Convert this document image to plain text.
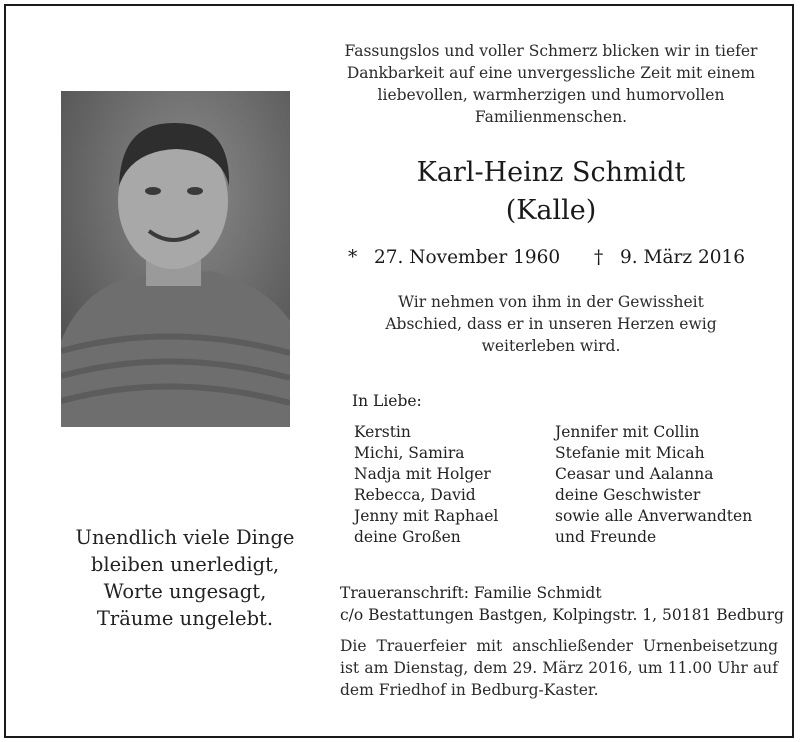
Fassungslos und voller Schmerz blicken wir in tiefer
Dankbarkeit auf eine unvergessliche Zeit mit einem
liebevollen, warmherzigen und humorvollen
Familienmenschen.
Karl-Heinz Schmidt
(Kalle)
* 27. November 1960 † 9. März 2016
Wir nehmen von ihm in der Gewissheit
Abschied, dass er in unseren Herzen ewig
weiterleben wird.
In Liebe:
Kerstin
Michi, Samira
Nadja mit Holger
Rebecca, David
Jenny mit Raphael
deine Großen
Jennifer mit Collin
Stefanie mit Micah
Ceasar und Aalanna
deine Geschwister
sowie alle Anverwandten
und Freunde
Unendlich viele Dinge
bleiben unerledigt,
Worte ungesagt,
Träume ungelebt.
Traueranschrift: Familie Schmidt
c/o Bestattungen Bastgen, Kolpingstr. 1, 50181 Bedburg
Die Trauerfeier mit anschließender Urnenbeisetzung ist am Dienstag, dem 29. März 2016, um 11.00 Uhr auf dem Friedhof in Bedburg-Kaster.
